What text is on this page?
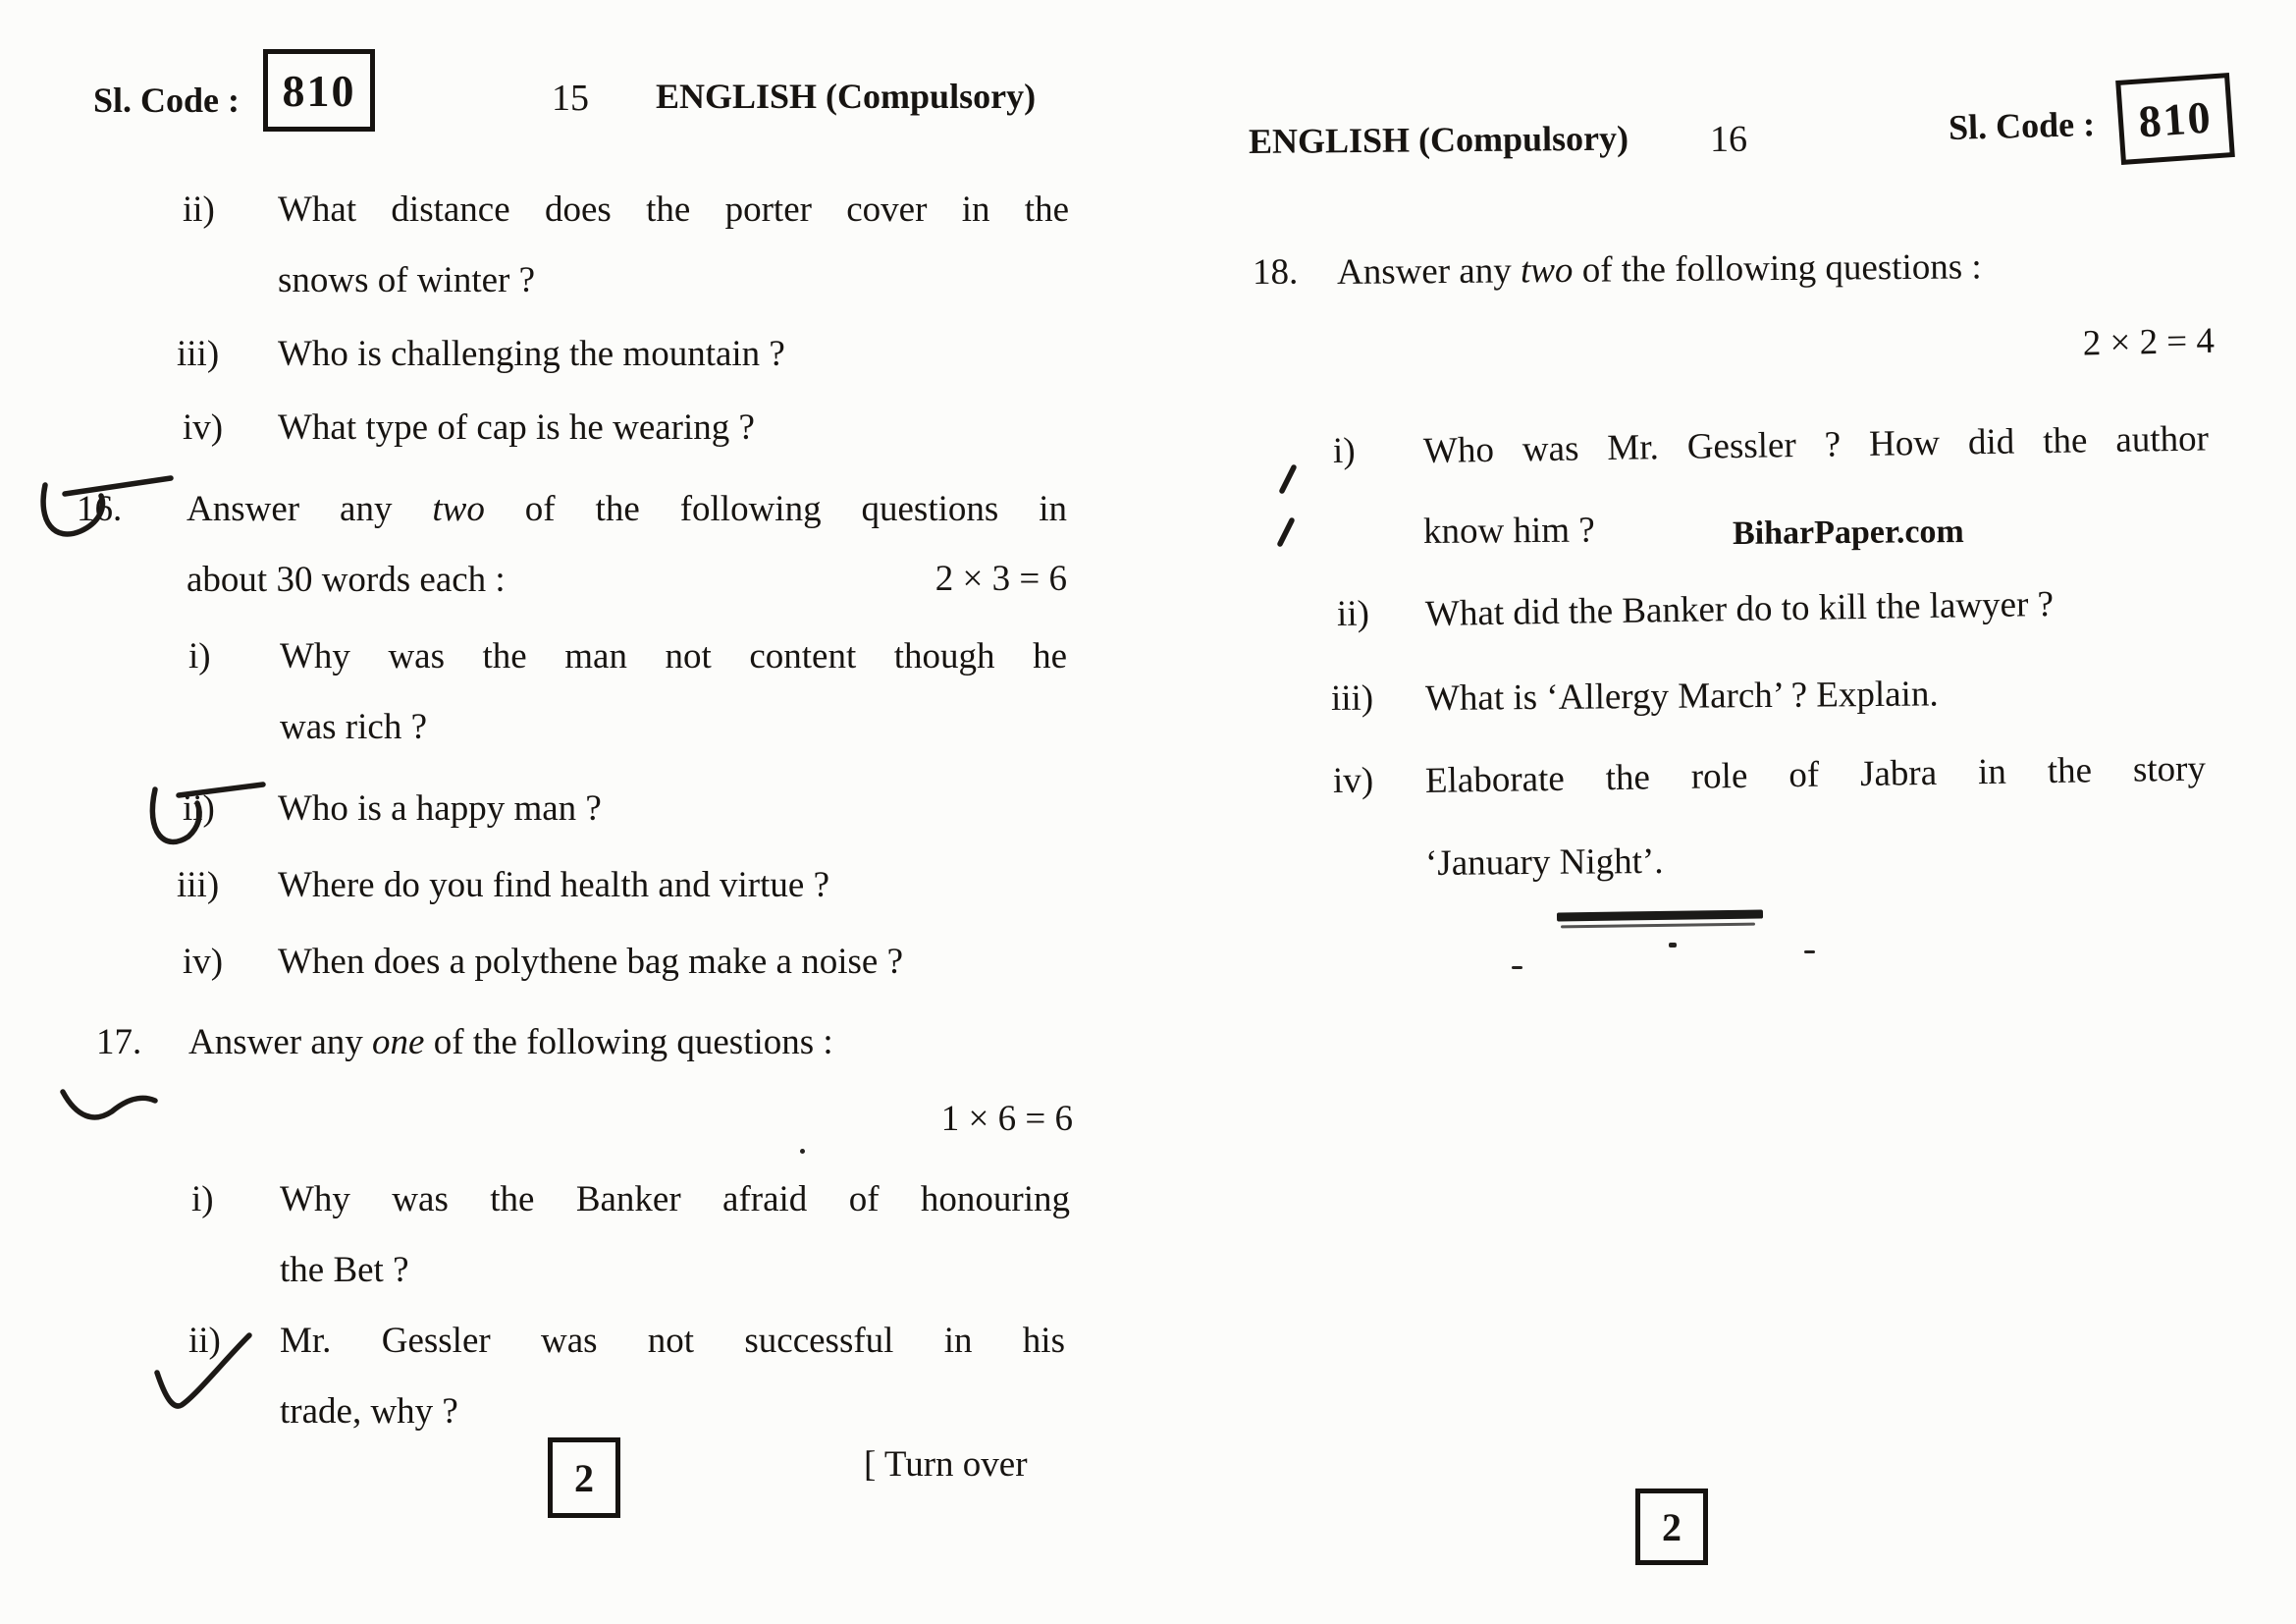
Sl. Code : 810	15 ENGLISH (Compulsory)
ii) What distance does the porter cover in the
snows of winter ?
iii) Who is challenging the mountain ?
iv) What type of cap is he wearing ?
16. Answer any two of the following questions in
about 30 words each :	2 × 3 = 6
i) Why was the man not content though he
was rich ?
ii) Who is a happy man ?
iii) Where do you find health and virtue ?
iv) When does a polythene bag make a noise ?
17. Answer any one of the following questions :
1 × 6 = 6
i) Why was the Banker afraid of honouring
the Bet ?
ii) Mr. Gessler was not successful in his
trade, why ?
2	[ Turn over
ENGLISH (Compulsory) 16	Sl. Code : 810
18. Answer any two of the following questions :
2 × 2 = 4
i) Who was Mr. Gessler ? How did the author
know him ?	BiharPaper.com
ii) What did the Banker do to kill the lawyer ?
iii) What is ‘Allergy March’ ? Explain.
iv) Elaborate the role of Jabra in the story
‘January Night’.
2
